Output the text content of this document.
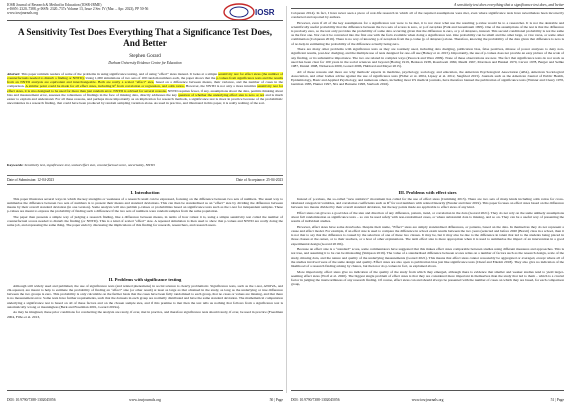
IOSR Journal of Research & Method in Education (IOSR-JRME)
e-ISSN: 2320–7388, p-ISSN: 2320–737x Volume 13, Issue 2 Ser. IV (Mar. – Apr. 2023), PP 50-56
www.iosrjournals.org	IOSR
A Sensitivity Test Does Everything That a Significance Test Does, And Better
Stephen Gorard
Durham University Evidence Centre for Education
Abstract: This paper reminds readers of some of the problems in using significance testing, and of using “effect” sizes instead. It looks at a simple sensitivity test for effect sizes (the number of counterfactuals needed to disturb a finding or NNTD). Using 1,000 simulations of two sets of 100 random numbers each, the paper shows that the p-values from significance tests and the results from an NNTD analysis are equivalent and interchangeable. Both are really a scaled “effect” size, based on a difference between means, their variance, and the number of cases in the comparison. A similar point could be made for all effect sizes, including R² from correlation or regression, and odds ratios. However, the NNTD is not only a more intuitive sensitivity test for effect sizes, it is also designed to be used for more than just random error. NNTD is advised for several reasons. NNTD requires fewer, if any, assumptions about the data, permits thinking about bias and measurement error, assesses the robustness of findings in the face of missing data, directly addresses the key question of whether the underlying effect size is zero or not and is much easier to explain and understand. For all these reasons, and perhaps more importantly as an implication for research methods, a significance test is moot in practice because of the probabilistic uncertainties in a research finding, that could have been produced by random sampling variation alone. As used in practice, and illustrated in this paper, it is really nothing of the sort.
Keywords: Sensitivity test, significance test, scaled effect size, counterfactual score, uncertainty, NNTD
Date of Submission: 12-04-2023	Date of Acceptance: 25-04-2023
I. Introduction

This paper illustrates several ways in which the key strengths or weakness of a research result can be expressed, focusing on the difference between two sets of numbers. The usual way to summarise the difference between two sets of numbers is to present their means and standard deviations. This can then be standardised as an “effect” size by dividing the difference between means by their overall standard deviation (in one version). Some analysts will also publish p-values or probabilities based on significance tests such as the t-test for independent samples. These p-values are meant to express the probability of finding such a difference if the two sets of numbers were random samples from the same population.

The paper then presents a simple way of judging a research finding, like a difference between means, in terms of how robust it is, using a simple sensitivity test called the number of counterfactual scores needed to disturb the finding (or NNTD). This is a kind of scaled “effect” size. A repeated simulation is then used to show that p-values and NNTD are really doing the same job, and expressing the same thing. The paper ends by discussing the implications of this finding for research, researchers, and research users.

II. Problems with significance testing

Although still widely used and published, the use of significance tests (and related phenomena) in social science is clearly problematic. Significance tests, such as the t-test, ANOVA, and chi-squared, are meant to help to estimate the probability of finding an “effect” size (or other result) at least as large as that obtained in the study, as long as the underlying or true difference between the two groups is zero. This probability is only calculable on the further basis that the cases have been fully randomised to each group, that no cases or values are missing, and that there is no measurement error. Some tests have further requirements, such that the datasets in each group are normally distributed and have the same standard deviation. The mathematical computation underlying a significance test is based on all of these factors and on the chosen sample size, and if this premise is met then the test tells us nothing that follows from a significance test is automatically wrong or meaningless (Berk and Freedman 2001, Gorard 2019a).

As may be imagined, these prior conditions for conducting the analysis are rarely, if ever, met in practice, and therefore significance tests should rarely, if ever, be used in practice (Freedman 2004, Filho et al. 2013,

DOI: 10.9790/7388-1302045056	www.iosrjournals.org	50 | Page
A sensitivity test does everything that a significance test does, and better

Colquoun 2014). In fact, I have never seen a piece of real-life research in which all of the required assumptions were met, even where significance tests have nevertheless been incorrectly conducted and reported by authors.

However, even if all of the key assumptions for a significance test were to be met, it is not clear what use the resulting p-value would be to a researcher. It is not the desirable and scientifically useful probability that the difference between the two sets of scores is zero, or p of zero|data (Falk and Greenbaum 1995). One of the assumptions of the test is that the difference is precisely zero, so the test only provides the probability of some data occurring given that the difference is zero, or p of data|zero, instead. This second conditional probability is not the same as the first one. Nor can it be converted into the first one with the facts available when doing a significance test. One probability can be small and the other large, or vice versa, or some other combination (Colquoun 2016). There is no way of knowing p of zero|data from the p-value (p of data|zero) alone. Therefore, knowing the probability of the data given that difference is zero is of no help in estimating the probability of the difference actually being zero.

There are many other problems with significance tests as they are routinely used, including data dredging, publication bias, false positives, misuse of power analyses to deny non-significant results, post-hoc dredging, and the multiple use of tests designed for one-off use (Halsey et al. 2015). Importantly, the use of p-values does not provide an easy picture of the scale of any finding, or its substantive importance. The two are related in complex ways (Peacock and Ware 2009). None of these observations are new. The fact that significance tests do not work as used has been clear for 100 years in the social sciences and beyond (Boring 1919, Berkson 1938, Rozeboom 1960, Meehl 1967, Morrison and Henkel 1970, Carver 1978, Berger and Sellke 1987, Daniel 1998, Nickerson 2000, Gorard 2006, Hubbard and Meyer 2015).

All of these reasons and more are why methods' experts in medicine, psychology, sociology, and education, the American Psychological Association (APA), American Sociological Association, and other bodies advise against the use of significance tests (Fidler et al. 2004, Lipsey et al. 2012, Siegfried 2015). Journals such as the American Journal of Public Health, Epidemiology, Basic and Applied Psychology, and numerous others, including most US medical journals, have therefore banned the publication of significance tests (Walster and Cleary 1970, Guttman 1985, Hunter 1997, Nix and Barnette 1998, Sterbach 2016).

III. Problems with effect sizes

Instead of p-values, the so-called “new statistics” movement has called for the use of effect sizes (Cumming 2013). There are two sets of many kinds including odds ratios for cross-tabulated categorical variables, and correlation coefficients such as R² for real numbers with related linearity (Funder and Ozer 2019). This paper focuses on effect sizes based on the difference between two means divided by their overall standard deviation, but the key points made are applicable to effect sizes of any kind.

Effect sizes can give us a good idea of the size and direction of any difference, pattern, trend, or correlation in the data (Gorard 2021). They do not rely on the same unlikely assumptions about full randomisation as significance tests – so can be used safely with non-randomised cases, or where substantial data is missing, and so on. They can be a useful way of presenting the results of individual studies.

However, effect sizes have some drawbacks. Despite their name, “Effect” sizes are simply standardised differences, or patterns, based on the data. In themselves they do not represent a cause and effect model. For example, if an effect size is used to compare the difference in school exam results between the two years (selected and before 2020 (Brexit) class in a school, then it is not that to say that the difference is caused by the selection of one of these two classes. It may be, but it may also be due to the difference in talent that led to the students being placed in those classes at the outset, or to their teachers, or a host of other explanations. The term effect size is more appropriate when it is used to summarise the impact of an intervention in a good experimental design (Gorard 2019b).

Because an effect size is a “standard” score, some commentators have suggested that this makes effect sizes comparable between studies using different measures and approaches. This is not true, and assuming it to be can be misleading (Simpson 2019). The value of a standardised difference between scores relies on a number of factors such as the research design, scale of the study, missing data, and the nature and quality of the underlying measurements (Gorard 2021). This means that effect sizes cannot reasonably be aggregated or averaged, except where all of the studies involved were of the same design and quality. Effect sizes are also open to publication bias just like significance tests (Cheuf and Elkolm 2018). They also give no indication of the likelihood of a research finding arising by chance, but then nor do p-values in fact, as explained above.

More importantly, effect sizes give no indication of the quality of the study from which they emerged, although there is evidence that smaller and weaker studies tend to yield larger-seeming effect sizes (Wolf et al. 2020). The biggest single problem of effect sizes is that they are considered more important in themselves than the study that led to them – which is a crucial factor in judging the trustworthiness of any research finding. Of course, effect sizes can and should always be presented with the number of cases on which they are based, for each comparison group,

DOI: 10.9790/7388-1302045056	www.iosrjournals.org	51 | Page
